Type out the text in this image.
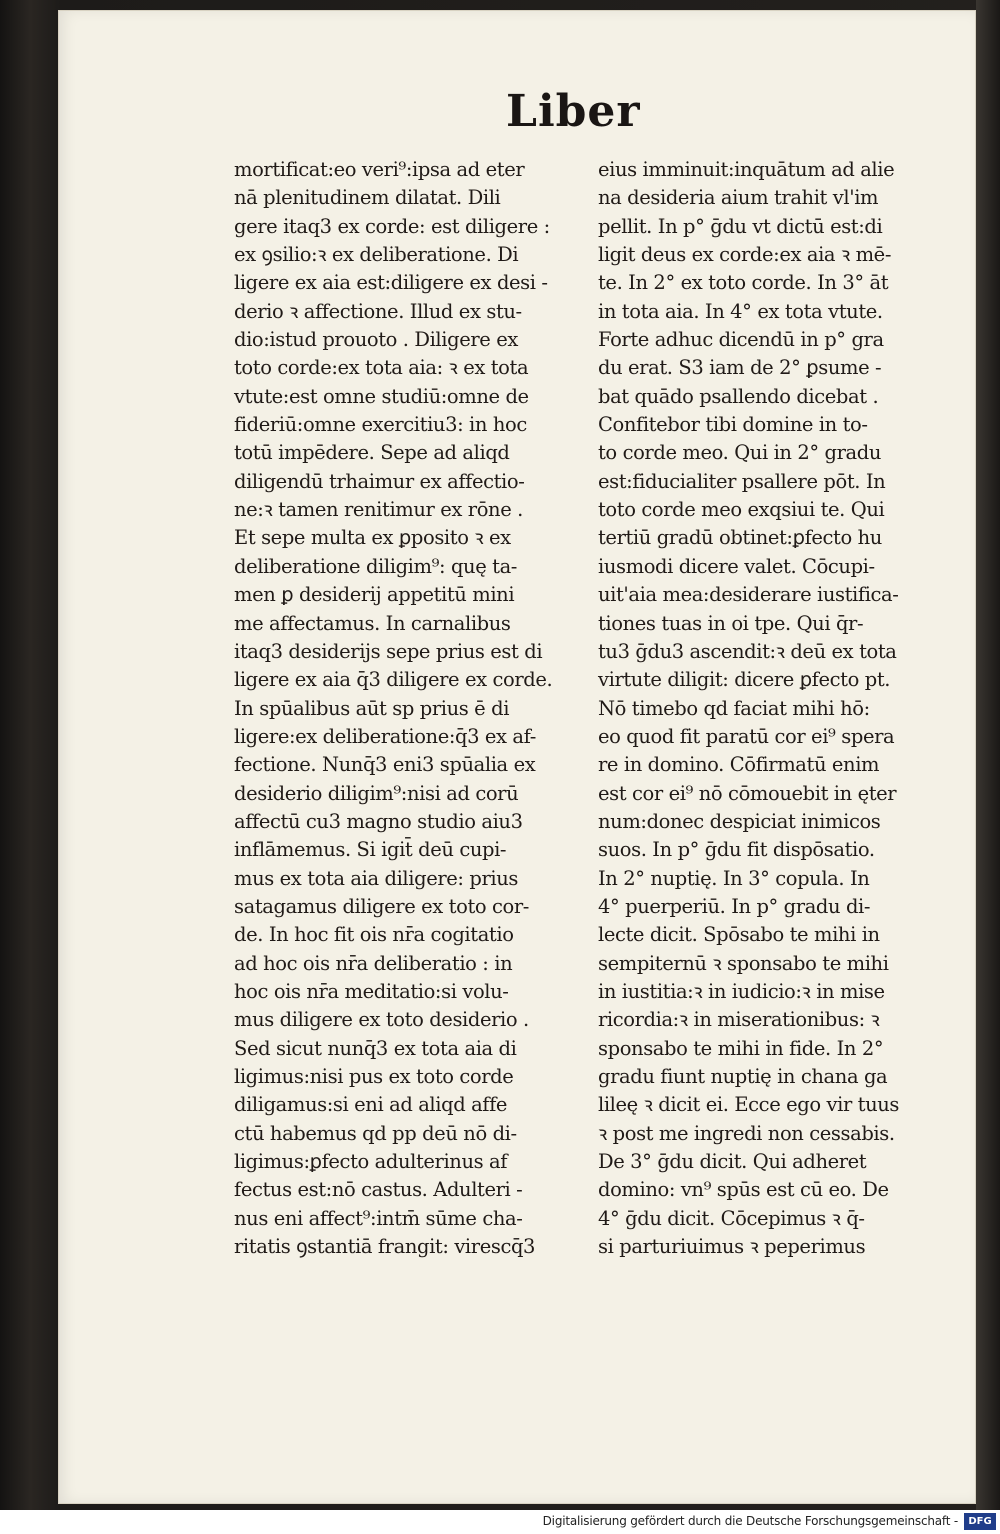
Liber
mortificat:eo veri⁹:ipsa ad eter
nā plenitudinem dilatat. Dili
gere itaq3 ex corde: est diligere :
ex ꝯsilio:ꝛ ex deliberatione. Di
ligere ex aia est:diligere ex desi -
derio ꝛ affectione. Illud ex stu-
dio:istud prouoto . Diligere ex
toto corde:ex tota aia: ꝛ ex tota
vtute:est omne studiū:omne de
fideriū:omne exercitiu3: in hoc
totū impēdere. Sepe ad aliqd
diligendū trhaimur ex affectio-
ne:ꝛ tamen renitimur ex rōne .
Et sepe multa ex ꝑposito ꝛ ex
deliberatione diligim⁹: quę ta-
men ꝑ desiderij appetitū mini
me affectamus. In carnalibus
itaq3 desiderijs sepe prius est di
ligere ex aia q̄3 diligere ex corde.
In spūalibus aūt sp prius ē di
ligere:ex deliberatione:q̄3 ex af-
fectione. Nunq̄3 eni3 spūalia ex
desiderio diligim⁹:nisi ad corū
affectū cu3 magno studio aiu3
inflāmemus. Si igit̄ deū cupi-
mus ex tota aia diligere: prius
satagamus diligere ex toto cor-
de. In hoc fit ois nr̄a cogitatio
ad hoc ois nr̄a deliberatio : in
hoc ois nr̄a meditatio:si volu-
mus diligere ex toto desiderio .
Sed sicut nunq̄3 ex tota aia di
ligimus:nisi pus ex toto corde
diligamus:si eni ad aliqd affe
ctū habemus qd pp deū nō di-
ligimus:ꝑfecto adulterinus af
fectus est:nō castus. Adulteri -
nus eni affect⁹:intm̄ sūme cha-
ritatis ꝯstantiā frangit: virescq̄3
eius imminuit:inquātum ad alie
na desideria aium trahit vl'im
pellit. In p° ḡdu vt dictū est:di
ligit deus ex corde:ex aia ꝛ mē-
te. In 2° ex toto corde. In 3° āt
in tota aia. In 4° ex tota vtute.
Forte adhuc dicendū in p° gra
du erat. S3 iam de 2° ꝑsume -
bat quādo psallendo dicebat .
Confitebor tibi domine in to-
to corde meo. Qui in 2° gradu
est:fiducialiter psallere pōt. In
toto corde meo exqsiui te. Qui
tertiū gradū obtinet:ꝑfecto hu
iusmodi dicere valet. Cōcupi-
uit'aia mea:desiderare iustifica-
tiones tuas in oi tpe. Qui q̄r-
tu3 ḡdu3 ascendit:ꝛ deū ex tota
virtute diligit: dicere ꝑfecto pt.
Nō timebo qd faciat mihi hō:
eo quod fit paratū cor ei⁹ spera
re in domino. Cōfirmatū enim
est cor ei⁹ nō cōmouebit in ęter
num:donec despiciat inimicos
suos. In p° ḡdu fit dispōsatio.
In 2° nuptię. In 3° copula. In
4° puerperiū. In p° gradu di-
lecte dicit. Spōsabo te mihi in
sempiternū ꝛ sponsabo te mihi
in iustitia:ꝛ in iudicio:ꝛ in mise
ricordia:ꝛ in miserationibus: ꝛ
sponsabo te mihi in fide. In 2°
gradu fiunt nuptię in chana ga
lileę ꝛ dicit ei. Ecce ego vir tuus
ꝛ post me ingredi non cessabis.
De 3° ḡdu dicit. Qui adheret
domino: vn⁹ spūs est cū eo. De
4° ḡdu dicit. Cōcepimus ꝛ q̄-
si parturiuimus ꝛ peperimus
Digitalisierung gefördert durch die Deutsche Forschungsgemeinschaft -	DFG
